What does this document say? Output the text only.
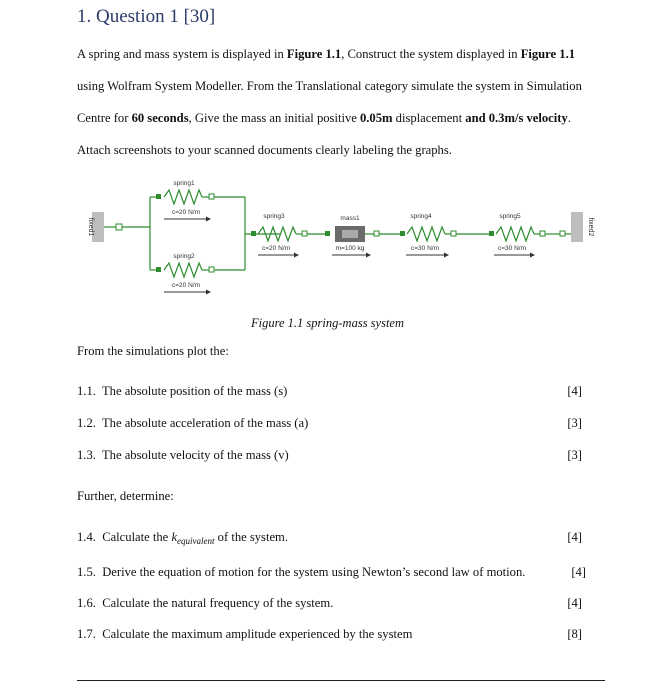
1. Question 1 [30]
A spring and mass system is displayed in Figure 1.1, Construct the system displayed in Figure 1.1 using Wolfram System Modeller. From the Translational category simulate the system in Simulation Centre for 60 seconds, Give the mass an initial positive 0.05m displacement and 0.3m/s velocity. Attach screenshots to your scanned documents clearly labeling the graphs.
fixed1
spring1
c=20 N/m
spring2
c=20 N/m
spring3
c=20 N/m
mass1
m=100 kg
spring4
c=30 N/m
spring5
c=30 N/m
fixed2
Figure 1.1 spring-mass system
From the simulations plot the:
1.1. The absolute position of the mass (s)	[4]
1.2. The absolute acceleration of the mass (a)	[3]
1.3. The absolute velocity of the mass (v)	[3]
Further, determine:
1.4. Calculate the $k_{equivalent}$ of the system.	[4]
1.5. Derive the equation of motion for the system using Newton’s second law of motion.	[4]
1.6. Calculate the natural frequency of the system.	[4]
1.7. Calculate the maximum amplitude experienced by the system	[8]
